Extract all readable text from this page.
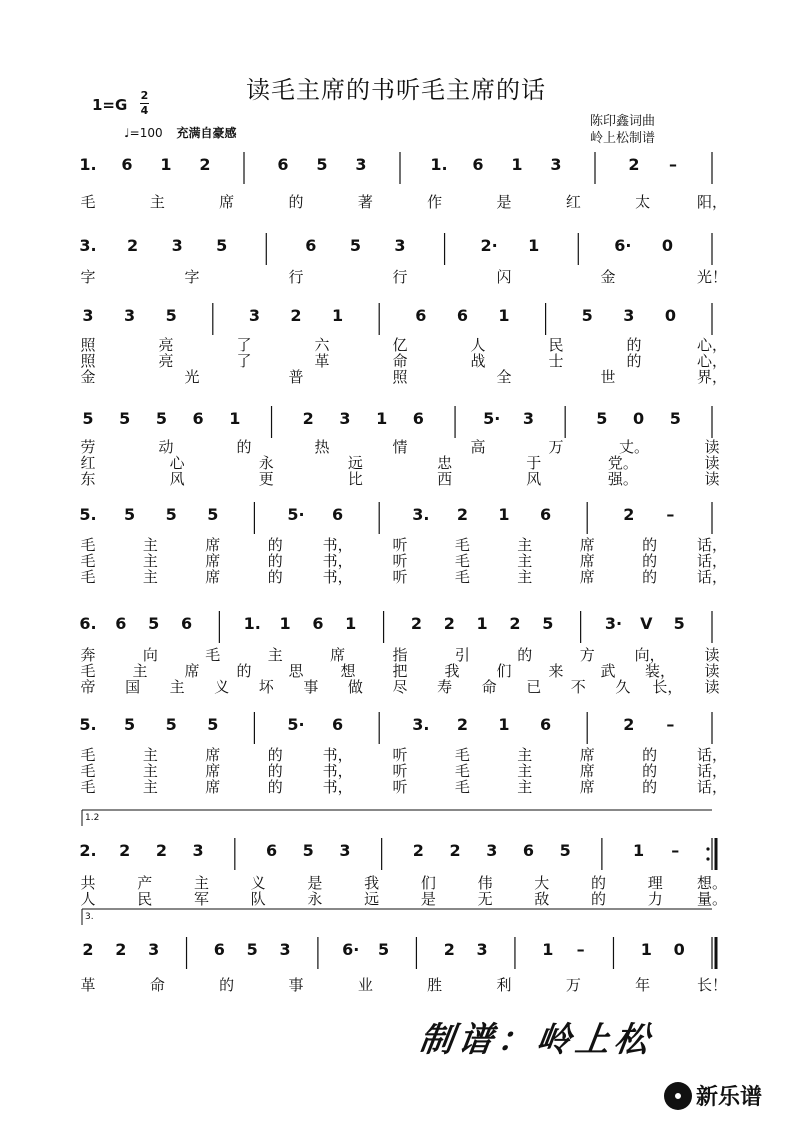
读毛主席的书听毛主席的话
1=G
2
4
♩=100 充满自豪感
陈印鑫词曲
岭上松制谱
1. 6 1 2	6 5 3	1. 6 1 3	2 –
毛	主	席	的	著	作	是	红	太	阳，
3. 2 3 5	6 5 3	2· 1	6· 0
字	字	行	行	闪	金	光！
3 3 5	3 2 1	6 6 1	5 3 0
照	亮	了	六	亿	人	民	的	心，
照	亮	了	革	命	战	士	的	心，
金	光	普	照	全	世	界，
5 5 5 6 1	2 3 1 6	5· 3	5 0 5
劳	动	的	热	情	高	万	丈。	读
红	心	永	远	忠	于	党。	读
东	风	更	比	西	风	强。	读
5. 5 5 5	5· 6	3. 2 1 6	2 –
毛	主	席	的	书，	听	毛	主	席	的	话，
毛	主	席	的	书，	听	毛	主	席	的	话，
毛	主	席	的	书，	听	毛	主	席	的	话，
6. 6 5 6	1. 1 6 1	2 2 1 2 5	3· V 5
奔	向	毛	主	席	指	引	的	方	向，	读
毛 主 席 的 思 想 把 我 们 来 武 装， 读
帝 国 主 义 坏 事 做 尽 寿 命 已 不 久 长， 读
5. 5 5 5	5· 6	3. 2 1 6	2 –
毛	主	席	的	书，	听	毛	主	席	的	话，
毛	主	席	的	书，	听	毛	主	席	的	话，
毛	主	席	的	书，	听	毛	主	席	的	话，
1.2
2. 2 2 3	6 5 3	2 2 3 6 5	1 –
共	产	主	义	是	我	们	伟	大	的	理 想。
人	民	军	队	永	远	是	无	敌	的	力 量。
3.
2 2 3	6 5 3	6· 5	2 3	1 –	1 0
革	命	的	事	业	胜	利	万	年	长！
制谱：岭上松
新乐谱
